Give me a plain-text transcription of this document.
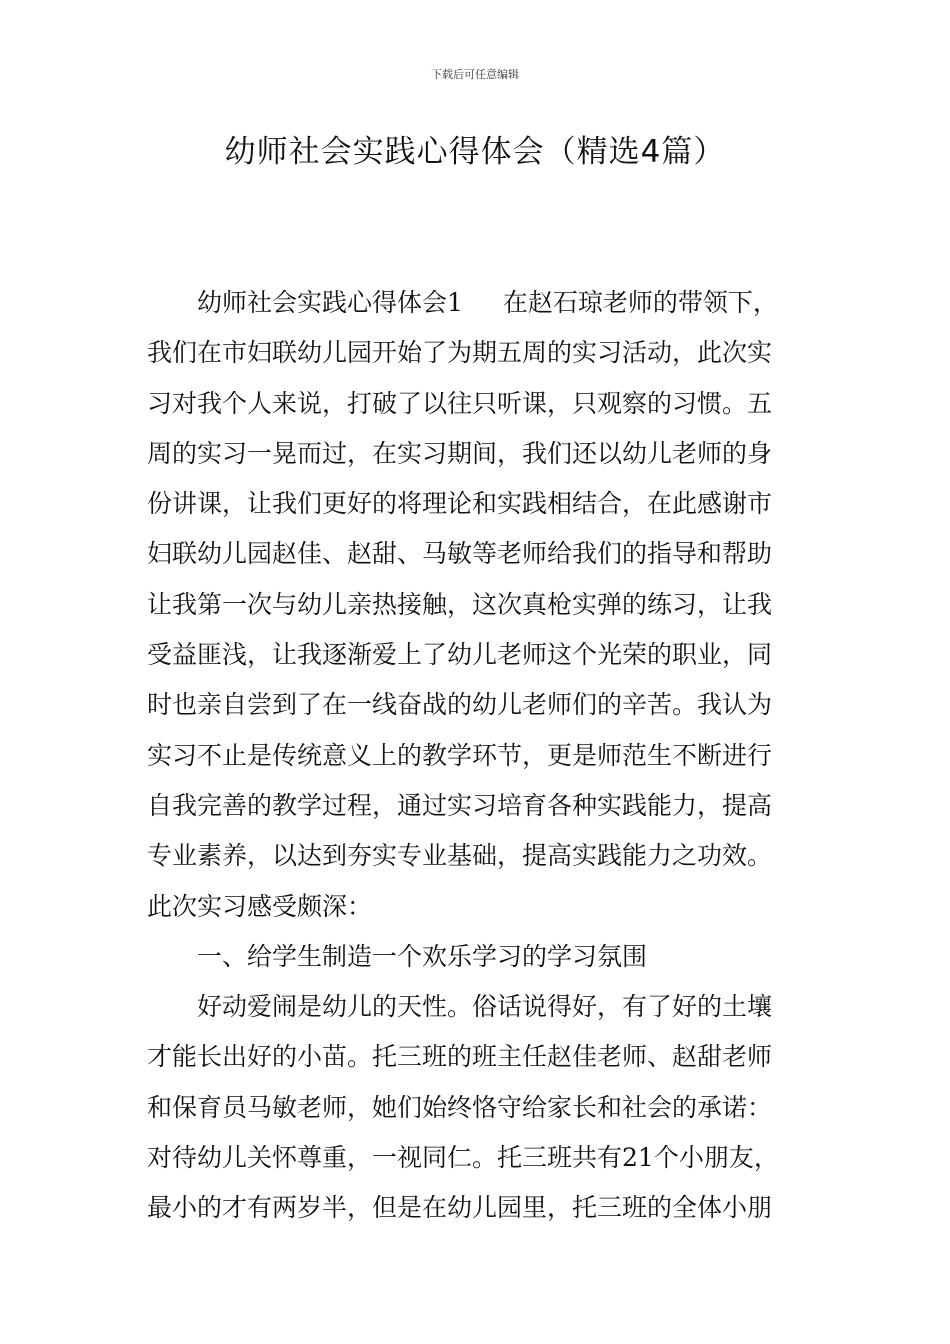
下载后可任意编辑
幼师社会实践心得体会（精选4篇）
幼师社会实践心得体会1 在赵石琼老师的带领下，
我们在市妇联幼儿园开始了为期五周的实习活动，此次实
习对我个人来说，打破了以往只听课，只观察的习惯。五
周的实习一晃而过，在实习期间，我们还以幼儿老师的身
份讲课，让我们更好的将理论和实践相结合，在此感谢市
妇联幼儿园赵佳、赵甜、马敏等老师给我们的指导和帮助
让我第一次与幼儿亲热接触，这次真枪实弹的练习，让我
受益匪浅，让我逐渐爱上了幼儿老师这个光荣的职业，同
时也亲自尝到了在一线奋战的幼儿老师们的辛苦。我认为
实习不止是传统意义上的教学环节，更是师范生不断进行
自我完善的教学过程，通过实习培育各种实践能力，提高
专业素养，以达到夯实专业基础，提高实践能力之功效。
此次实习感受颇深：
一、给学生制造一个欢乐学习的学习氛围
好动爱闹是幼儿的天性。俗话说得好，有了好的土壤
才能长出好的小苗。托三班的班主任赵佳老师、赵甜老师
和保育员马敏老师，她们始终恪守给家长和社会的承诺：
对待幼儿关怀尊重，一视同仁。托三班共有21个小朋友，
最小的才有两岁半，但是在幼儿园里，托三班的全体小朋
